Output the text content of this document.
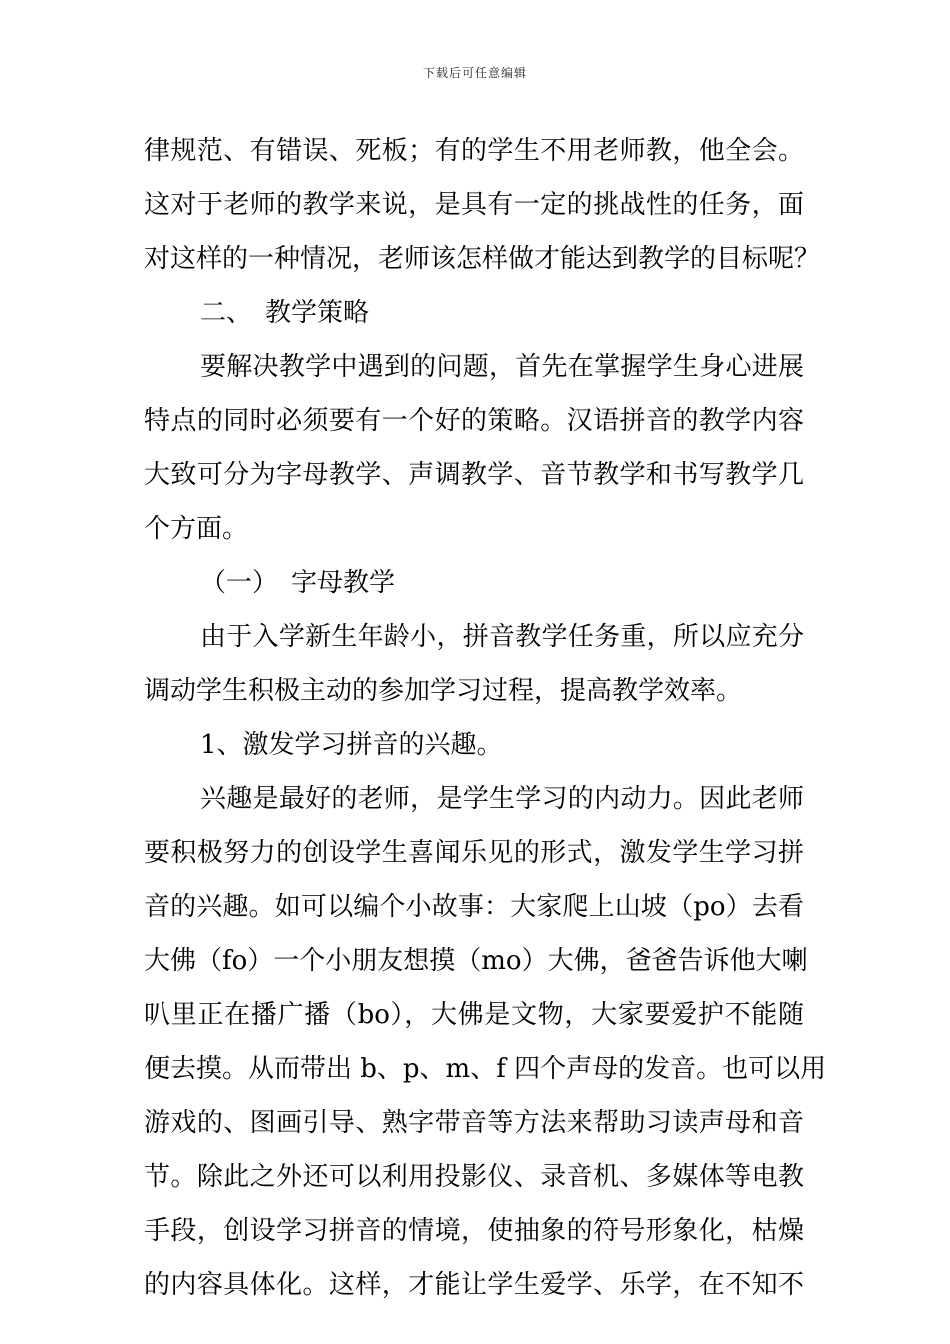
下载后可任意编辑
律规范、有错误、死板；有的学生不用老师教，他全会。
这对于老师的教学来说，是具有一定的挑战性的任务，面
对这样的一种情况，老师该怎样做才能达到教学的目标呢？
二、　教学策略
要解决教学中遇到的问题，首先在掌握学生身心进展
特点的同时必须要有一个好的策略。汉语拼音的教学内容
大致可分为字母教学、声调教学、音节教学和书写教学几
个方面。
（一）　字母教学
由于入学新生年龄小，拼音教学任务重，所以应充分
调动学生积极主动的参加学习过程，提高教学效率。
1、激发学习拼音的兴趣。
兴趣是最好的老师，是学生学习的内动力。因此老师
要积极努力的创设学生喜闻乐见的形式，激发学生学习拼
音的兴趣。如可以编个小故事：大家爬上山坡（po）去看
大佛（fo）一个小朋友想摸（mo）大佛，爸爸告诉他大喇
叭里正在播广播（bo），大佛是文物，大家要爱护不能随
便去摸。从而带出 b、p、m、f 四个声母的发音。也可以用
游戏的、图画引导、熟字带音等方法来帮助习读声母和音
节。除此之外还可以利用投影仪、录音机、多媒体等电教
手段，创设学习拼音的情境，使抽象的符号形象化，枯燥
的内容具体化。这样，才能让学生爱学、乐学，在不知不
